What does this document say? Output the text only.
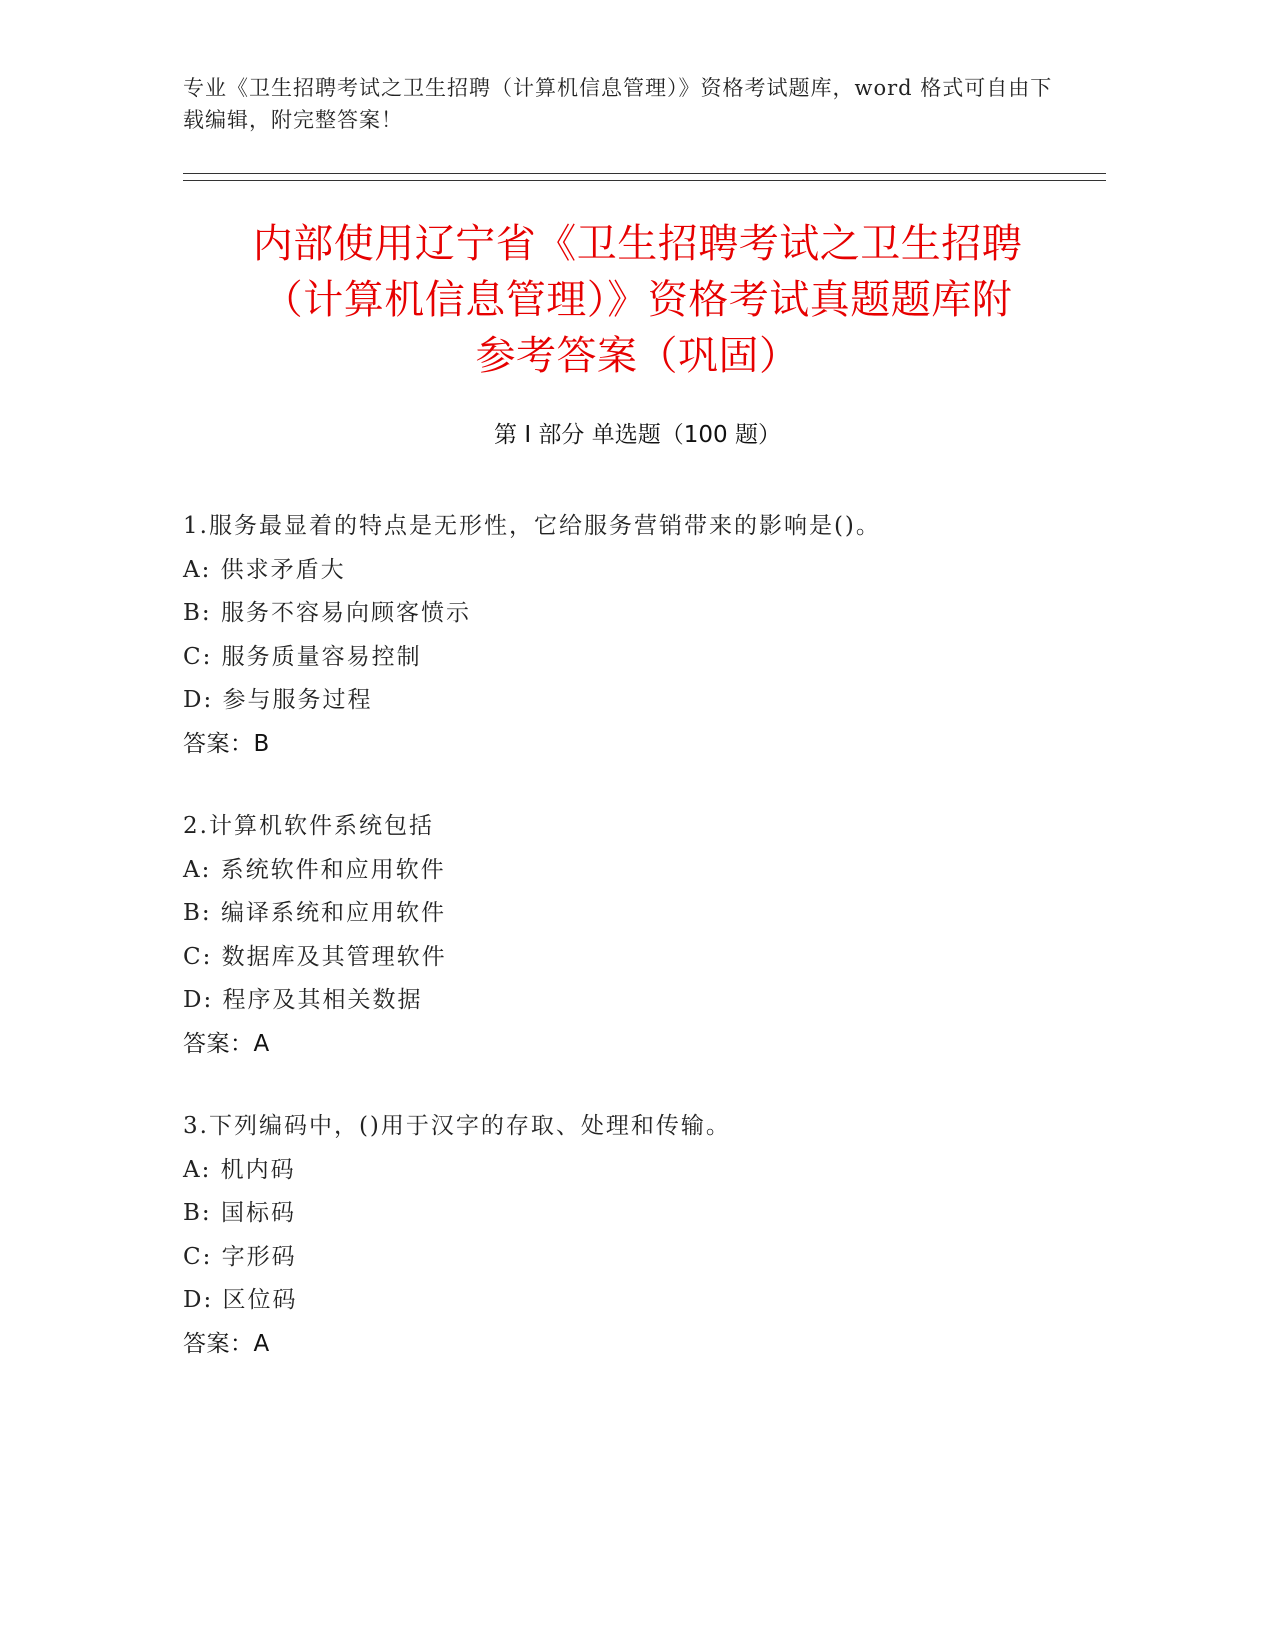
专业《卫生招聘考试之卫生招聘（计算机信息管理）》资格考试题库，word 格式可自由下载编辑，附完整答案！
内部使用辽宁省《卫生招聘考试之卫生招聘
（计算机信息管理）》资格考试真题题库附
参考答案（巩固）
第 I 部分 单选题（100 题）
1.服务最显着的特点是无形性，它给服务营销带来的影响是()。
A: 供求矛盾大
B: 服务不容易向顾客愤示
C: 服务质量容易控制
D: 参与服务过程
答案：B
2.计算机软件系统包括
A: 系统软件和应用软件
B: 编译系统和应用软件
C: 数据库及其管理软件
D: 程序及其相关数据
答案：A
3.下列编码中，()用于汉字的存取、处理和传输。
A: 机内码
B: 国标码
C: 字形码
D: 区位码
答案：A
